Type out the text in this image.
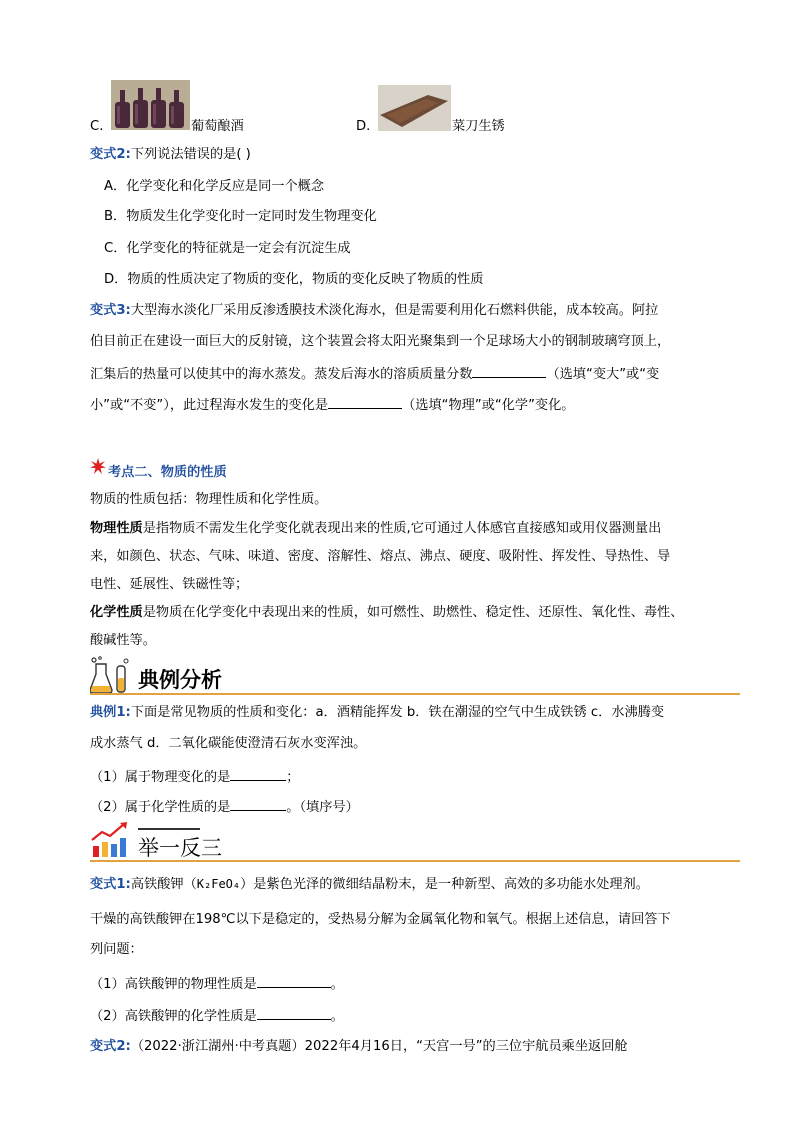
C.	葡萄酿酒	D.	菜刀生锈
变式2:下列说法错误的是( )
A．化学变化和化学反应是同一个概念
B．物质发生化学变化时一定同时发生物理变化
C．化学变化的特征就是一定会有沉淀生成
D．物质的性质决定了物质的变化，物质的变化反映了物质的性质
变式3:大型海水淡化厂采用反渗透膜技术淡化海水，但是需要利用化石燃料供能，成本较高。阿拉
伯目前正在建设一面巨大的反射镜，这个装置会将太阳光聚集到一个足球场大小的钢制玻璃穹顶上，
汇集后的热量可以使其中的海水蒸发。蒸发后海水的溶质质量分数	（选填“变大”或“变
小”或“不变”），此过程海水发生的变化是	（选填“物理”或“化学”变化。
考点二、物质的性质
物质的性质包括：物理性质和化学性质。
物理性质是指物质不需发生化学变化就表现出来的性质,它可通过人体感官直接感知或用仪器测量出
来，如颜色、状态、气味、味道、密度、溶解性、熔点、沸点、硬度、吸附性、挥发性、导热性、导
电性、延展性、铁磁性等；
化学性质是物质在化学变化中表现出来的性质，如可燃性、助燃性、稳定性、还原性、氧化性、毒性、
酸碱性等。
典例分析
典例1:下面是常见物质的性质和变化：a．酒精能挥发 b．铁在潮湿的空气中生成铁锈 c．水沸腾变
成水蒸气 d．二氧化碳能使澄清石灰水变浑浊。
（1）属于物理变化的是	；
（2）属于化学性质的是	。（填序号）
举一反三
变式1:高铁酸钾（K₂FeO₄）是紫色光泽的微细结晶粉末，是一种新型、高效的多功能水处理剂。
干燥的高铁酸钾在198℃以下是稳定的，受热易分解为金属氧化物和氧气。根据上述信息，请回答下
列问题：
（1）高铁酸钾的物理性质是	。
（2）高铁酸钾的化学性质是	。
变式2:（2022·浙江湖州·中考真题）2022年4月16日，“天宫一号”的三位宇航员乘坐返回舱
